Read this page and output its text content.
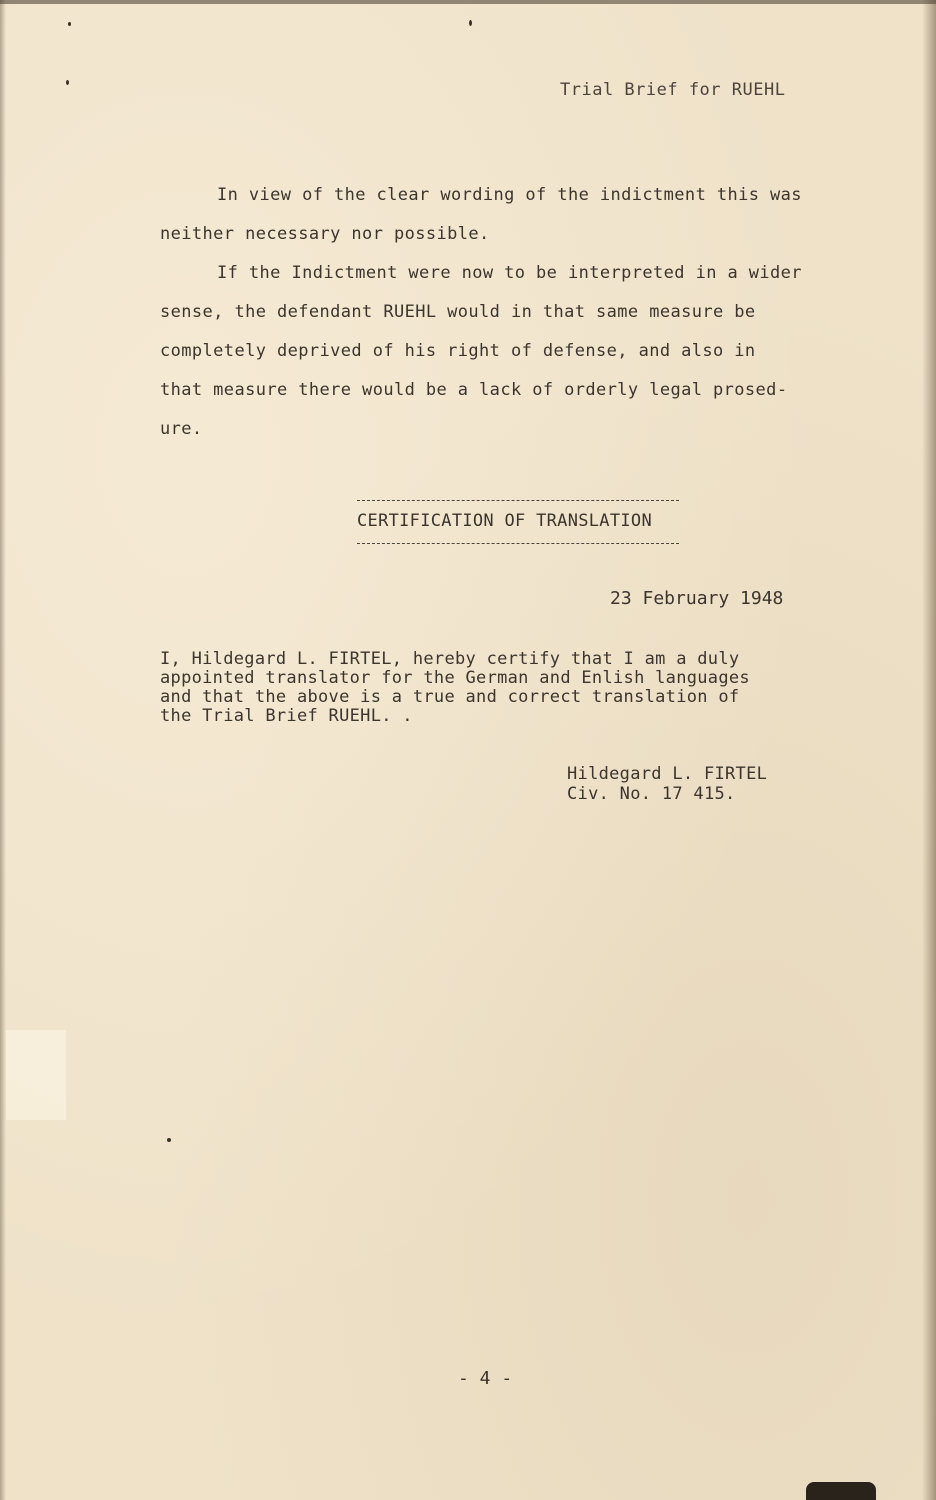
Trial Brief for RUEHL

In view of the clear wording of the indictment this was
neither necessary nor possible.

If the Indictment were now to be interpreted in a wider
sense, the defendant RUEHL would in that same measure be
completely deprived of his right of defense, and also in
that measure there would be a lack of orderly legal prosed-
ure.

CERTIFICATION OF TRANSLATION
23 February 1948
I, Hildegard L. FIRTEL, hereby certify that I am a duly
appointed translator for the German and Enlish languages
and that the above is a true and correct translation of
the Trial Brief RUEHL. .
Hildegard L. FIRTEL
Civ. No. 17 415.
- 4 -
